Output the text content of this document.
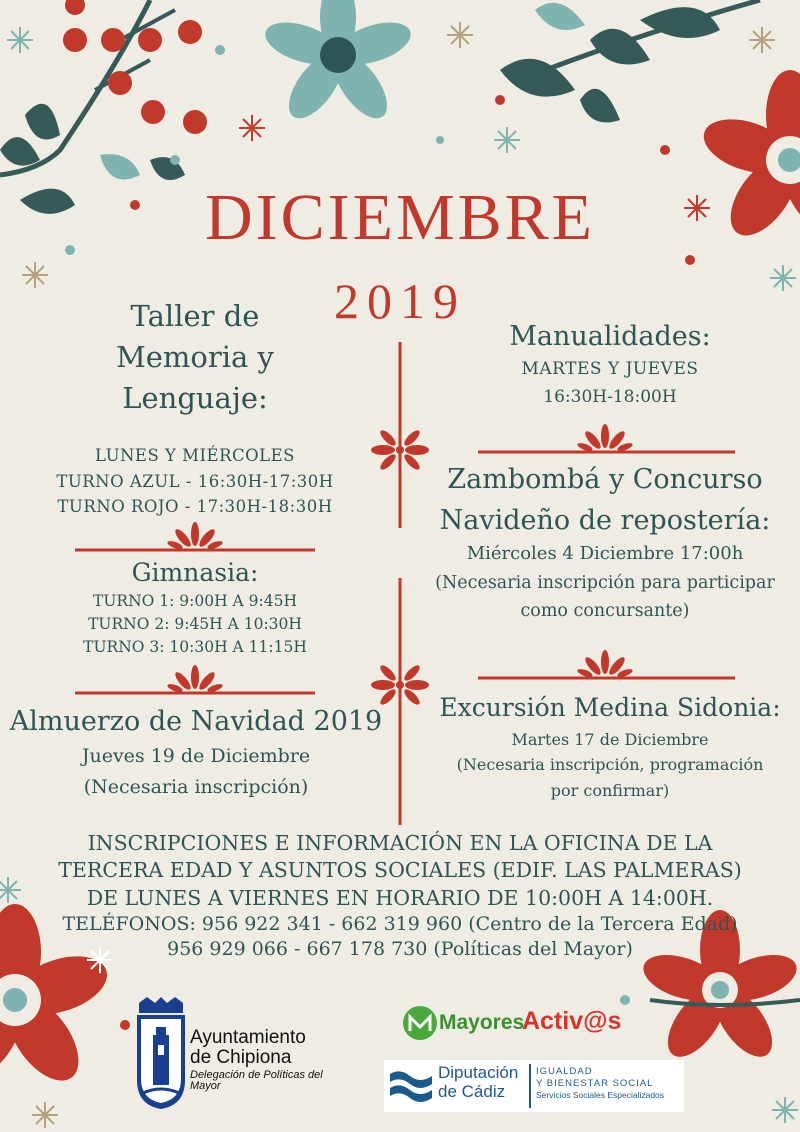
DICIEMBRE
2019
Taller de
Memoria y
Lenguaje:
LUNES Y MIÉRCOLES
TURNO AZUL - 16:30H-17:30H
TURNO ROJO - 17:30H-18:30H
Gimnasia:
TURNO 1: 9:00H A 9:45H
TURNO 2: 9:45H A 10:30H
TURNO 3: 10:30H A 11:15H
Almuerzo de Navidad 2019
Jueves 19 de Diciembre
(Necesaria inscripción)
Manualidades:
MARTES Y JUEVES
16:30H-18:00H
Zambombá y Concurso
Navideño de repostería:
Miércoles 4 Diciembre 17:00h
(Necesaria inscripción para participar
como concursante)
Excursión Medina Sidonia:
Martes 17 de Diciembre
(Necesaria inscripción, programación
por confirmar)
INSCRIPCIONES E INFORMACIÓN EN LA OFICINA DE LA
TERCERA EDAD Y ASUNTOS SOCIALES (EDIF. LAS PALMERAS)
DE LUNES A VIERNES EN HORARIO DE 10:00H A 14:00H.
TELÉFONOS: 956 922 341 - 662 319 960 (Centro de la Tercera Edad)
956 929 066 - 667 178 730 (Políticas del Mayor)
Ayuntamiento
de Chipiona
Delegación de Políticas del Mayor
Mayores
Activ@s
Diputación
de Cádiz
IGUALDAD
Y BIENESTAR SOCIAL
Servicios Sociales Especializados
